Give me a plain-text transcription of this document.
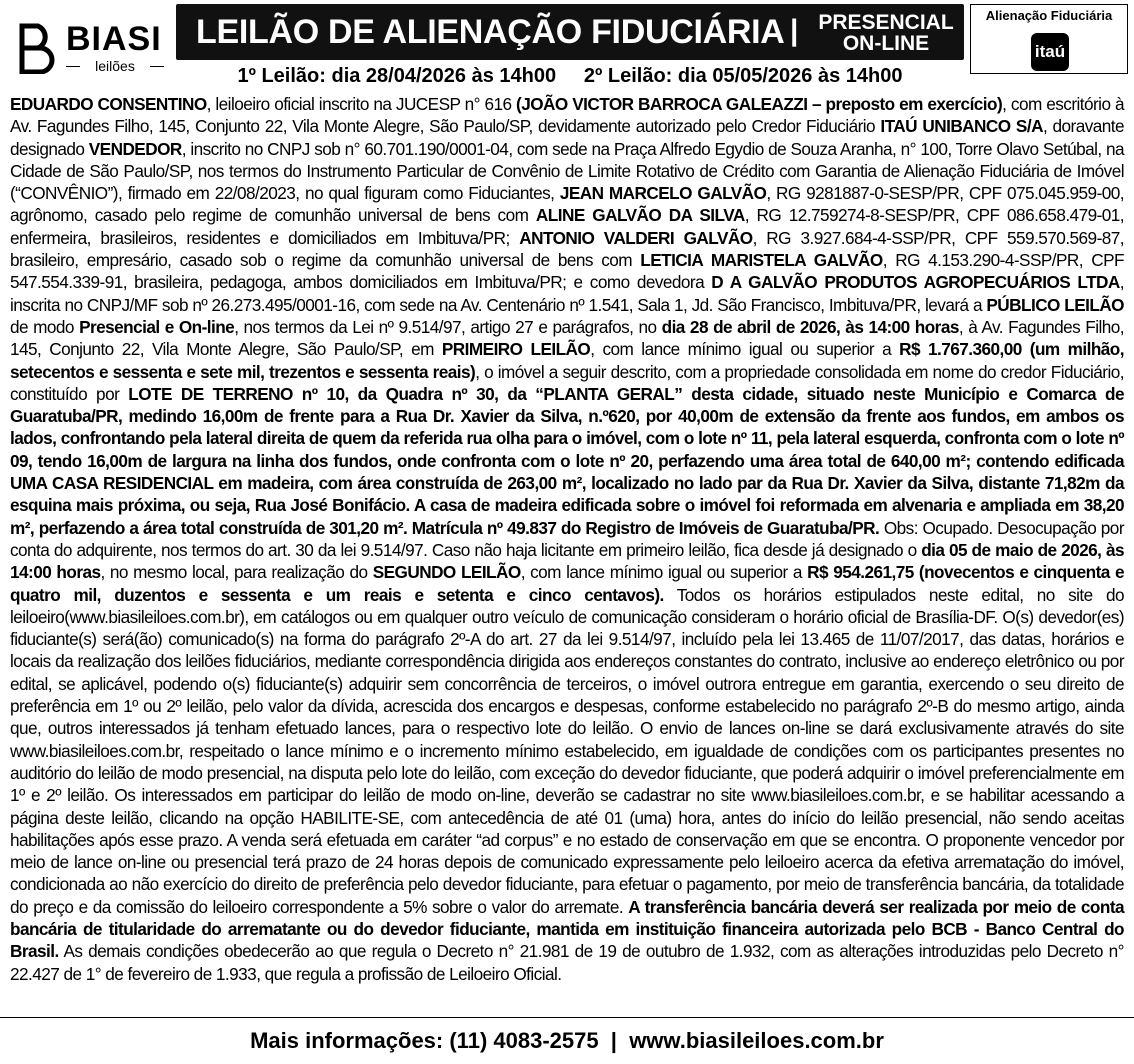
BIASI
leilões
LEILÃO DE ALIENAÇÃO FIDUCIÁRIA | PRESENCIAL
ON-LINE
Alienação Fiduciária
itaú
1º Leilão: dia 28/04/2026 às 14h00     2º Leilão: dia 05/05/2026 às 14h00
EDUARDO CONSENTINO, leiloeiro oficial inscrito na JUCESP n° 616 (JOÃO VICTOR BARROCA GALEAZZI – preposto em exercício), com escritório à Av. Fagundes Filho, 145, Conjunto 22, Vila Monte Alegre, São Paulo/SP, devidamente autorizado pelo Credor Fiduciário ITAÚ UNIBANCO S/A, doravante designado VENDEDOR, inscrito no CNPJ sob n° 60.701.190/0001-04, com sede na Praça Alfredo Egydio de Souza Aranha, n° 100, Torre Olavo Setúbal, na Cidade de São Paulo/SP, nos termos do Instrumento Particular de Convênio de Limite Rotativo de Crédito com Garantia de Alienação Fiduciária de Imóvel (“CONVÊNIO”), firmado em 22/08/2023, no qual figuram como Fiduciantes, JEAN MARCELO GALVÃO, RG 9281887-0-SESP/PR, CPF 075.045.959-00, agrônomo, casado pelo regime de comunhão universal de bens com ALINE GALVÃO DA SILVA, RG 12.759274-8-SESP/PR, CPF 086.658.479-01, enfermeira, brasileiros, residentes e domiciliados em Imbituva/PR; ANTONIO VALDERI GALVÃO, RG 3.927.684-4-SSP/PR, CPF 559.570.569-87, brasileiro, empresário, casado sob o regime da comunhão universal de bens com LETICIA MARISTELA GALVÃO, RG 4.153.290-4-SSP/PR, CPF 547.554.339-91, brasileira, pedagoga, ambos domiciliados em Imbituva/PR; e como devedora D A GALVÃO PRODUTOS AGROPECUÁRIOS LTDA, inscrita no CNPJ/MF sob nº 26.273.495/0001-16, com sede na Av. Centenário nº 1.541, Sala 1, Jd. São Francisco, Imbituva/PR, levará a PÚBLICO LEILÃO de modo Presencial e On-line, nos termos da Lei nº 9.514/97, artigo 27 e parágrafos, no dia 28 de abril de 2026, às 14:00 horas, à Av. Fagundes Filho, 145, Conjunto 22, Vila Monte Alegre, São Paulo/SP, em PRIMEIRO LEILÃO, com lance mínimo igual ou superior a R$ 1.767.360,00 (um milhão, setecentos e sessenta e sete mil, trezentos e sessenta reais), o imóvel a seguir descrito, com a propriedade consolidada em nome do credor Fiduciário, constituído por LOTE DE TERRENO nº 10, da Quadra nº 30, da “PLANTA GERAL” desta cidade, situado neste Município e Comarca de Guaratuba/PR, medindo 16,00m de frente para a Rua Dr. Xavier da Silva, n.º620, por 40,00m de extensão da frente aos fundos, em ambos os lados, confrontando pela lateral direita de quem da referida rua olha para o imóvel, com o lote nº 11, pela lateral esquerda, confronta com o lote nº 09, tendo 16,00m de largura na linha dos fundos, onde confronta com o lote nº 20, perfazendo uma área total de 640,00 m²; contendo edificada UMA CASA RESIDENCIAL em madeira, com área construída de 263,00 m², localizado no lado par da Rua Dr. Xavier da Silva, distante 71,82m da esquina mais próxima, ou seja, Rua José Bonifácio. A casa de madeira edificada sobre o imóvel foi reformada em alvenaria e ampliada em 38,20 m², perfazendo a área total construída de 301,20 m². Matrícula nº 49.837 do Registro de Imóveis de Guaratuba/PR. Obs: Ocupado. Desocupação por conta do adquirente, nos termos do art. 30 da lei 9.514/97. Caso não haja licitante em primeiro leilão, fica desde já designado o dia 05 de maio de 2026, às 14:00 horas, no mesmo local, para realização do SEGUNDO LEILÃO, com lance mínimo igual ou superior a R$ 954.261,75 (novecentos e cinquenta e quatro mil, duzentos e sessenta e um reais e setenta e cinco centavos). Todos os horários estipulados neste edital, no site do leiloeiro(www.biasileiloes.com.br), em catálogos ou em qualquer outro veículo de comunicação consideram o horário oficial de Brasília-DF. O(s) devedor(es) fiduciante(s) será(ão) comunicado(s) na forma do parágrafo 2º-A do art. 27 da lei 9.514/97, incluído pela lei 13.465 de 11/07/2017, das datas, horários e locais da realização dos leilões fiduciários, mediante correspondência dirigida aos endereços constantes do contrato, inclusive ao endereço eletrônico ou por edital, se aplicável, podendo o(s) fiduciante(s) adquirir sem concorrência de terceiros, o imóvel outrora entregue em garantia, exercendo o seu direito de preferência em 1º ou 2º leilão, pelo valor da dívida, acrescida dos encargos e despesas, conforme estabelecido no parágrafo 2º-B do mesmo artigo, ainda que, outros interessados já tenham efetuado lances, para o respectivo lote do leilão. O envio de lances on-line se dará exclusivamente através do site www.biasileiloes.com.br, respeitado o lance mínimo e o incremento mínimo estabelecido, em igualdade de condições com os participantes presentes no auditório do leilão de modo presencial, na disputa pelo lote do leilão, com exceção do devedor fiduciante, que poderá adquirir o imóvel preferencialmente em 1º e 2º leilão. Os interessados em participar do leilão de modo on-line, deverão se cadastrar no site www.biasileiloes.com.br, e se habilitar acessando a página deste leilão, clicando na opção HABILITE-SE, com antecedência de até 01 (uma) hora, antes do início do leilão presencial, não sendo aceitas habilitações após esse prazo. A venda será efetuada em caráter “ad corpus” e no estado de conservação em que se encontra. O proponente vencedor por meio de lance on-line ou presencial terá prazo de 24 horas depois de comunicado expressamente pelo leiloeiro acerca da efetiva arrematação do imóvel, condicionada ao não exercício do direito de preferência pelo devedor fiduciante, para efetuar o pagamento, por meio de transferência bancária, da totalidade do preço e da comissão do leiloeiro correspondente a 5% sobre o valor do arremate. A transferência bancária deverá ser realizada por meio de conta bancária de titularidade do arrematante ou do devedor fiduciante, mantida em instituição financeira autorizada pelo BCB - Banco Central do Brasil. As demais condições obedecerão ao que regula o Decreto n° 21.981 de 19 de outubro de 1.932, com as alterações introduzidas pelo Decreto n° 22.427 de 1° de fevereiro de 1.933, que regula a profissão de Leiloeiro Oficial.
Mais informações: (11) 4083-2575  |  www.biasileiloes.com.br
